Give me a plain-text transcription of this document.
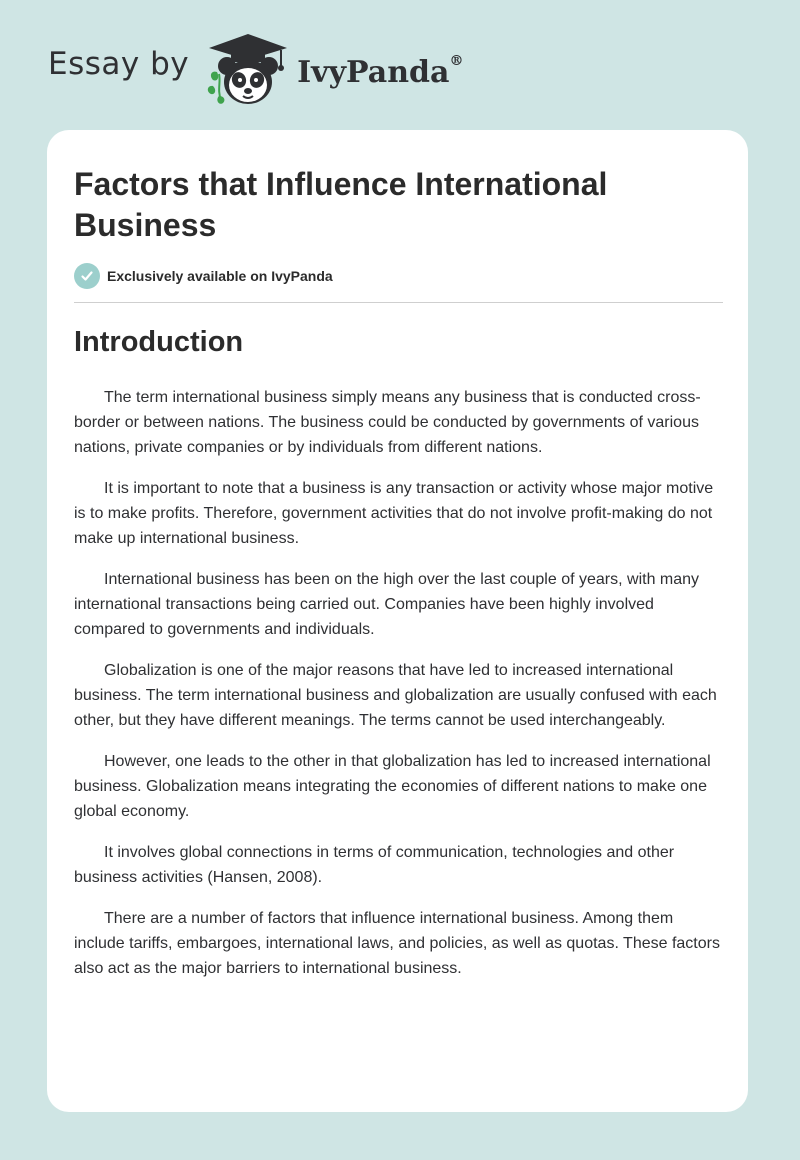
Essay by	IvyPanda®
Factors that Influence International Business
Exclusively available on IvyPanda
Introduction

The term international business simply means any business that is conducted cross-border or between nations. The business could be conducted by governments of various nations, private companies or by individuals from different nations.

It is important to note that a business is any transaction or activity whose major motive is to make profits. Therefore, government activities that do not involve profit-making do not make up international business.

International business has been on the high over the last couple of years, with many international transactions being carried out. Companies have been highly involved compared to governments and individuals.

Globalization is one of the major reasons that have led to increased international business. The term international business and globalization are usually confused with each other, but they have different meanings. The terms cannot be used interchangeably.

However, one leads to the other in that globalization has led to increased international business. Globalization means integrating the economies of different nations to make one global economy.

It involves global connections in terms of communication, technologies and other business activities (Hansen, 2008).

There are a number of factors that influence international business. Among them include tariffs, embargoes, international laws, and policies, as well as quotas. These factors also act as the major barriers to international business.
